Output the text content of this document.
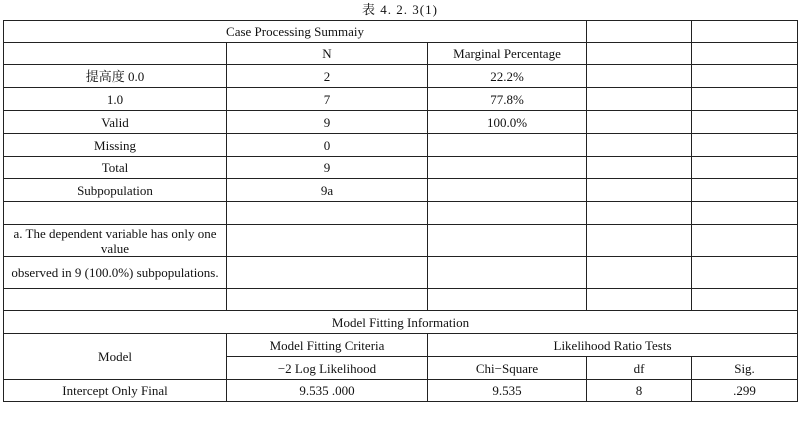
表 4. 2. 3(1)
Case Processing Summaiy				
	N	Marginal Percentage		
提高度 0.0	2	22.2%		
1.0	7	77.8%		
Valid	9	100.0%		
Missing	0			
Total	9			
Subpopulation	9a			

a. The dependent variable has only one value				
observed in 9 (100.0%) subpopulations.				

Model Fitting Information				
Model	Model Fitting Criteria	Likelihood Ratio Tests		
	−2 Log Likelihood	Chi−Square	df	Sig.
Intercept Only Final	9.535 .000	9.535	8	.299
